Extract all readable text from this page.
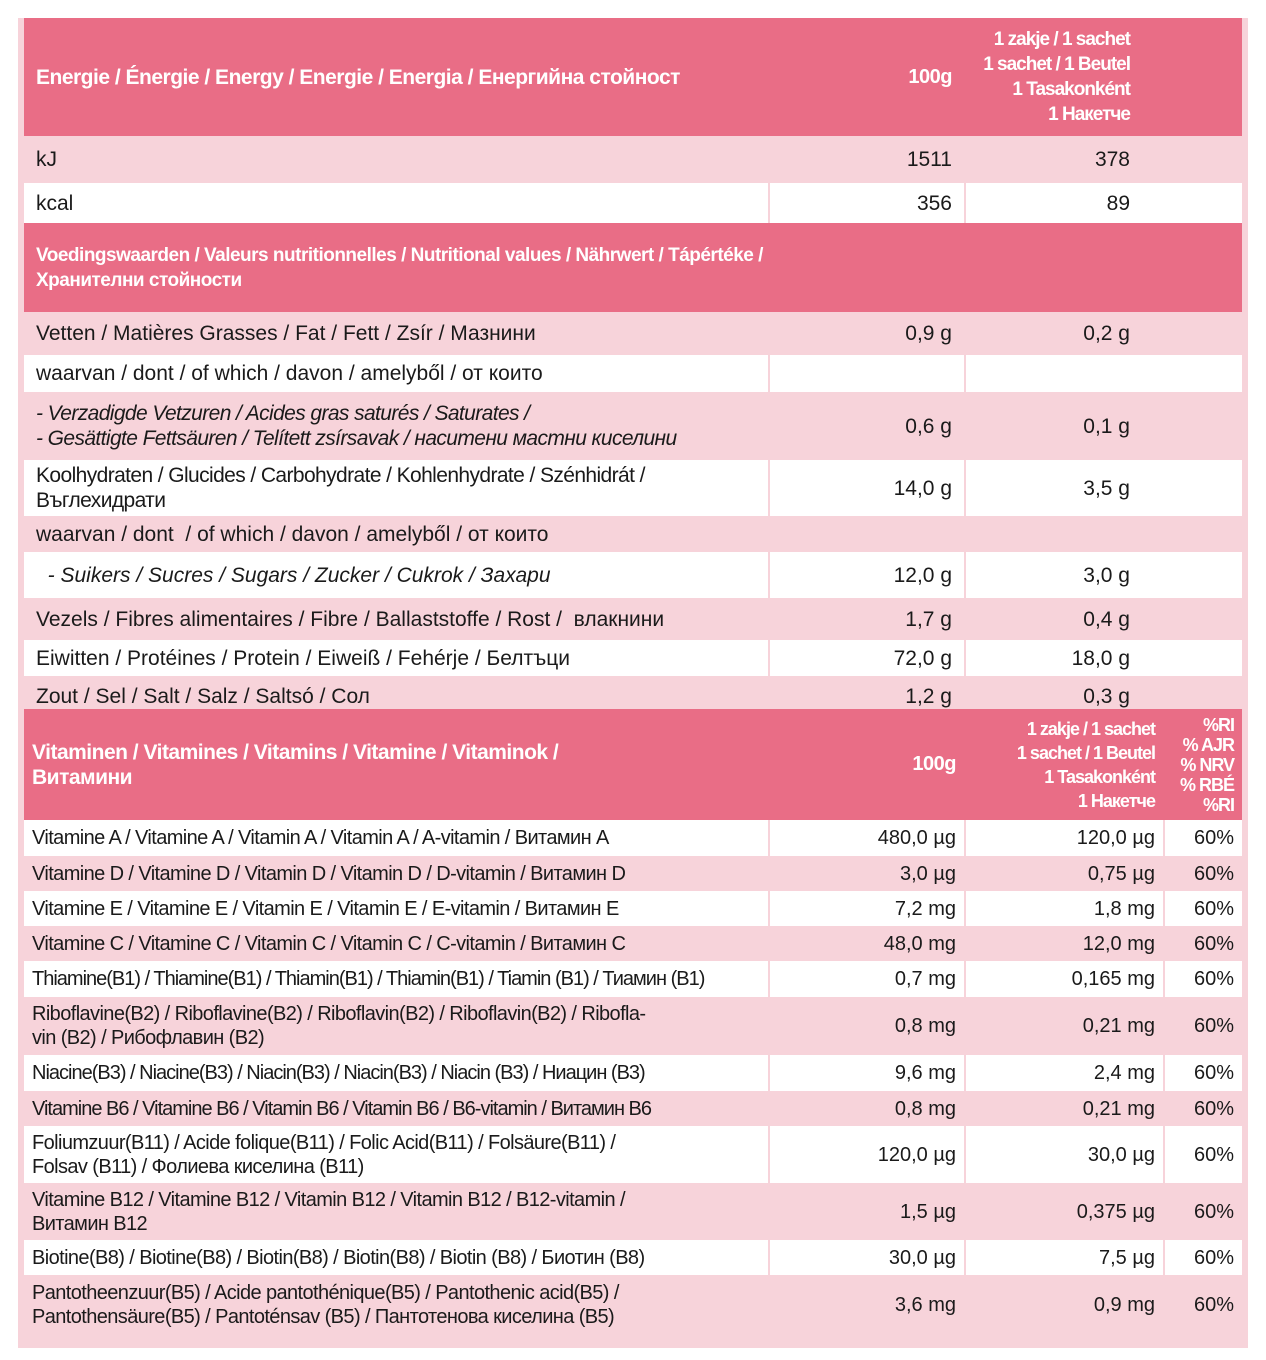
Energie / Énergie / Energy / Energie / Energia / Енергийна стойност	100g	1 zakje / 1 sachet
1 sachet / 1 Beutel
1 Tasakonként
1 Накетче

kJ	1511	378
kcal	356	89
Voedingswaarden / Valeurs nutritionnelles / Nutritional values / Nährwert / Tápértéke / Хранителни стойности		
Vetten / Matières Grasses / Fat / Fett / Zsír / Мазнини	0,9 g	0,2 g
waarvan / dont / of which / davon / amelyből / от които		

- Verzadigde Vetzuren / Acides gras saturés / Saturates /
- Gesättigte Fettsäuren / Telített zsírsavak / наситени мастни киселини	0,6 g	0,1 g

Koolhydraten / Glucides / Carbohydrate / Kohlenhydrate / Szénhidrát /
Въглехидрати	14,0 g	3,5 g
waarvan / dont  / of which / davon / amelyből / от които		
- Suikers / Sucres / Sugars / Zucker / Cukrok / Захари	12,0 g	3,0 g
Vezels / Fibres alimentaires / Fibre / Ballaststoffe / Rost /  влакнини	1,7 g	0,4 g
Eiwitten / Protéines / Protein / Eiweiß / Fehérje / Белтъци	72,0 g	18,0 g
Zout / Sel / Salt / Salz / Saltsó / Сол	1,2 g	0,3 g
Vitaminen / Vitamines / Vitamins / Vitamine / Vitaminok /
Витамини	100g	1 zakje / 1 sachet
1 sachet / 1 Beutel
1 Tasakonként
1 Накетче	%RI
% AJR
% NRV
% RBÉ
%RI

Vitamine A / Vitamine A / Vitamin A / Vitamin A / A-vitamin / Витамин A	480,0 µg	120,0 µg	60%

Vitamine D / Vitamine D / Vitamin D / Vitamin D / D-vitamin / Витамин D	3,0 µg	0,75 µg	60%

Vitamine E / Vitamine E / Vitamin E / Vitamin E / E-vitamin / Витамин E	7,2 mg	1,8 mg	60%

Vitamine C / Vitamine C / Vitamin C / Vitamin C / C-vitamin / Витамин C	48,0 mg	12,0 mg	60%

Thiamine(B1) / Thiamine(B1) / Thiamin(B1) / Thiamin(B1) / Tiamin (B1) / Тиамин (B1)	0,7 mg	0,165 mg	60%

Riboflavine(B2) / Riboflavine(B2) / Riboflavin(B2) / Riboflavin(B2) / Ribofla-
vin (B2) / Рибофлавин (B2)	0,8 mg	0,21 mg	60%

Niacine(B3) / Niacine(B3) / Niacin(B3) / Niacin(B3) / Niacin (B3) / Ниацин (B3)	9,6 mg	2,4 mg	60%

Vitamine B6 / Vitamine B6 / Vitamin B6 / Vitamin B6 / B6-vitamin / Витамин B6	0,8 mg	0,21 mg	60%

Foliumzuur(B11) / Acide folique(B11) / Folic Acid(B11) / Folsäure(B11) /
Folsav (B11) / Фолиева киселина (B11)	120,0 µg	30,0 µg	60%

Vitamine B12 / Vitamine B12 / Vitamin B12 / Vitamin B12 / B12-vitamin /
Витамин B12	1,5 µg	0,375 µg	60%

Biotine(B8) / Biotine(B8) / Biotin(B8) / Biotin(B8) / Biotin (B8) / Биотин (B8)	30,0 µg	7,5 µg	60%

Pantotheenzuur(B5) / Acide pantothénique(B5) / Pantothenic acid(B5) /
Pantothensäure(B5) / Pantoténsav (B5) / Пантотенова киселина (B5)	3,6 mg	0,9 mg	60%
